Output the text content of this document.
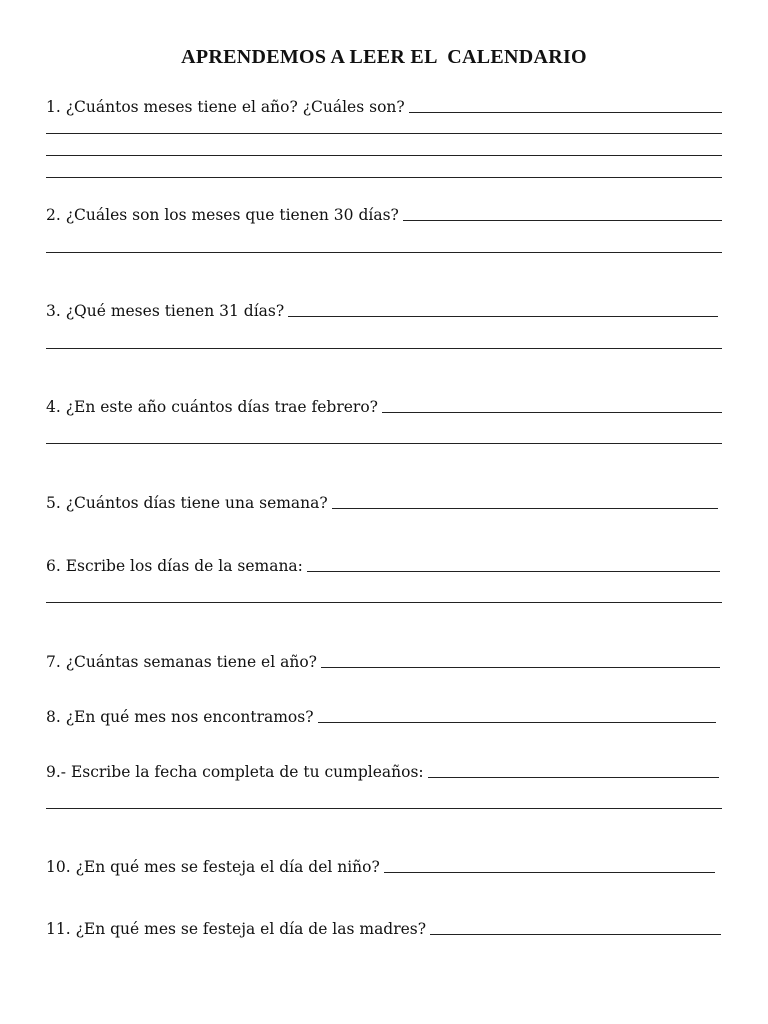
APRENDEMOS A LEER EL  CALENDARIO
1. ¿Cuántos meses tiene el año? ¿Cuáles son?
2. ¿Cuáles son los meses que tienen 30 días?
3. ¿Qué meses tienen 31 días?
4. ¿En este año cuántos días trae febrero?
5. ¿Cuántos días tiene una semana?
6. Escribe los días de la semana:
7. ¿Cuántas semanas tiene el año?
8. ¿En qué mes nos encontramos?
9.- Escribe la fecha completa de tu cumpleaños:
10. ¿En qué mes se festeja el día del niño?
11. ¿En qué mes se festeja el día de las madres?
